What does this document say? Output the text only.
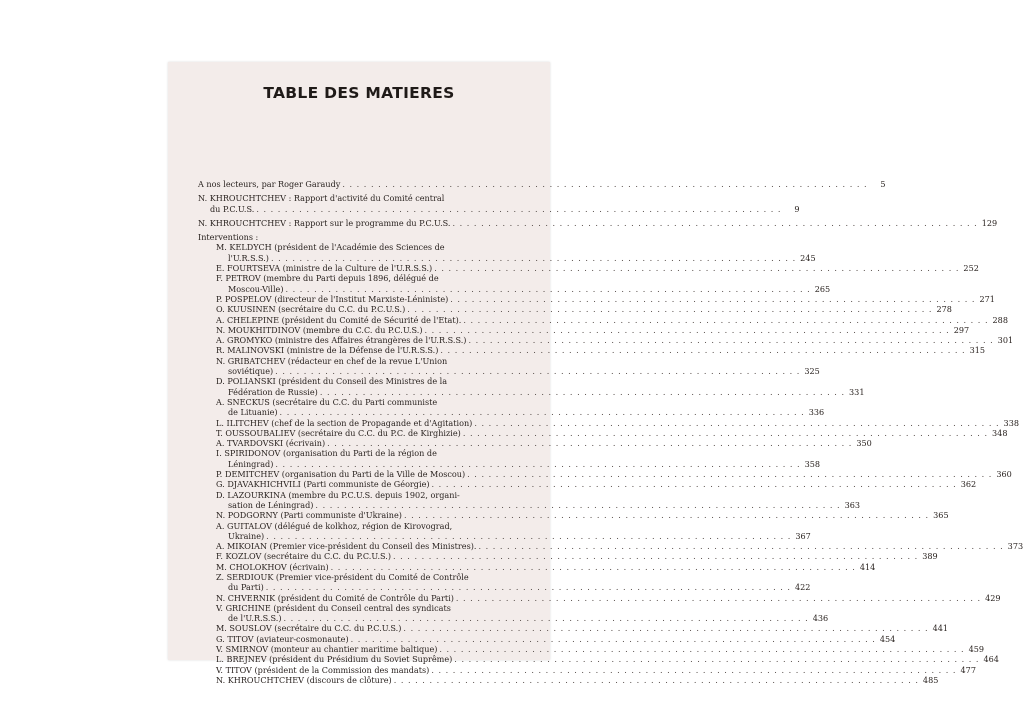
TABLE DES MATIERES
A nos lecteurs, par Roger Garaudy . . . . . . . . . . . . . . . . . . . . . . . . . . . . . . . . . . . . . . . . . . . . . . . . . . . . . . . . . . . . . . . . . . . . . . . . . .	5
N. KHROUCHTCHEV : Rapport d'activité du Comité central
du P.C.U.S. . . . . . . . . . . . . . . . . . . . . . . . . . . . . . . . . . . . . . . . . . . . . . . . . . . . . . . . . . . . . . . . . . . . . . . . . . .	9
N. KHROUCHTCHEV : Rapport sur le programme du P.C.U.S. . . . . . . . . . . . . . . . . . . . . . . . . . . . . . . . . . . . . . . . . . . . . . . . . . . . . . . . . . . . . . . . . . . . . . . . . . . 129
Interventions :
M. KELDYCH (président de l'Académie des Sciences de
l'U.R.S.S.) . . . . . . . . . . . . . . . . . . . . . . . . . . . . . . . . . . . . . . . . . . . . . . . . . . . . . . . . . . . . . . . . . . . . . . . . . . 245
E. FOURTSEVA (ministre de la Culture de l'U.R.S.S.) . . . . . . . . . . . . . . . . . . . . . . . . . . . . . . . . . . . . . . . . . . . . . . . . . . . . . . . . . . . . . . . . . . . . . . . . . . 252
F. PETROV (membre du Parti depuis 1896, délégué de
Moscou-Ville) . . . . . . . . . . . . . . . . . . . . . . . . . . . . . . . . . . . . . . . . . . . . . . . . . . . . . . . . . . . . . . . . . . . . . . . . . . 265
P. POSPELOV (directeur de l'Institut Marxiste-Léniniste) . . . . . . . . . . . . . . . . . . . . . . . . . . . . . . . . . . . . . . . . . . . . . . . . . . . . . . . . . . . . . . . . . . . . . . . . . . 271
O. KUUSINEN (secrétaire du C.C. du P.C.U.S.) . . . . . . . . . . . . . . . . . . . . . . . . . . . . . . . . . . . . . . . . . . . . . . . . . . . . . . . . . . . . . . . . . . . . . . . . . . 278
A. CHELEPINE (président du Comité de Sécurité de l'Etat). . . . . . . . . . . . . . . . . . . . . . . . . . . . . . . . . . . . . . . . . . . . . . . . . . . . . . . . . . . . . . . . . . . . . . . . . . . 288
N. MOUKHITDINOV (membre du C.C. du P.C.U.S.) . . . . . . . . . . . . . . . . . . . . . . . . . . . . . . . . . . . . . . . . . . . . . . . . . . . . . . . . . . . . . . . . . . . . . . . . . . 297
A. GROMYKO (ministre des Affaires étrangères de l'U.R.S.S.) . . . . . . . . . . . . . . . . . . . . . . . . . . . . . . . . . . . . . . . . . . . . . . . . . . . . . . . . . . . . . . . . . . . . . . . . . . 301
R. MALINOVSKI (ministre de la Défense de l'U.R.S.S.) . . . . . . . . . . . . . . . . . . . . . . . . . . . . . . . . . . . . . . . . . . . . . . . . . . . . . . . . . . . . . . . . . . . . . . . . . . 315
N. GRIBATCHEV (rédacteur en chef de la revue L'Union
soviétique) . . . . . . . . . . . . . . . . . . . . . . . . . . . . . . . . . . . . . . . . . . . . . . . . . . . . . . . . . . . . . . . . . . . . . . . . . . 325
D. POLIANSKI (président du Conseil des Ministres de la
Fédération de Russie) . . . . . . . . . . . . . . . . . . . . . . . . . . . . . . . . . . . . . . . . . . . . . . . . . . . . . . . . . . . . . . . . . . . . . . . . . . 331
A. SNECKUS (secrétaire du C.C. du Parti communiste
de Lituanie) . . . . . . . . . . . . . . . . . . . . . . . . . . . . . . . . . . . . . . . . . . . . . . . . . . . . . . . . . . . . . . . . . . . . . . . . . . 336
L. ILITCHEV (chef de la section de Propagande et d'Agitation) . . . . . . . . . . . . . . . . . . . . . . . . . . . . . . . . . . . . . . . . . . . . . . . . . . . . . . . . . . . . . . . . . . . . . . . . . . 338
T. OUSSOUBALIEV (secrétaire du C.C. du P.C. de Kirghizie) . . . . . . . . . . . . . . . . . . . . . . . . . . . . . . . . . . . . . . . . . . . . . . . . . . . . . . . . . . . . . . . . . . . . . . . . . . 348
A. TVARDOVSKI (écrivain) . . . . . . . . . . . . . . . . . . . . . . . . . . . . . . . . . . . . . . . . . . . . . . . . . . . . . . . . . . . . . . . . . . . . . . . . . . 350
I. SPIRIDONOV (organisation du Parti de la région de
Léningrad) . . . . . . . . . . . . . . . . . . . . . . . . . . . . . . . . . . . . . . . . . . . . . . . . . . . . . . . . . . . . . . . . . . . . . . . . . . 358
P. DEMITCHEV (organisation du Parti de la Ville de Moscou) . . . . . . . . . . . . . . . . . . . . . . . . . . . . . . . . . . . . . . . . . . . . . . . . . . . . . . . . . . . . . . . . . . . . . . . . . . 360
G. DJAVAKHICHVILI (Parti communiste de Géorgie) . . . . . . . . . . . . . . . . . . . . . . . . . . . . . . . . . . . . . . . . . . . . . . . . . . . . . . . . . . . . . . . . . . . . . . . . . . 362
D. LAZOURKINA (membre du P.C.U.S. depuis 1902, organi-
sation de Léningrad) . . . . . . . . . . . . . . . . . . . . . . . . . . . . . . . . . . . . . . . . . . . . . . . . . . . . . . . . . . . . . . . . . . . . . . . . . . 363
N. PODGORNY (Parti communiste d'Ukraine) . . . . . . . . . . . . . . . . . . . . . . . . . . . . . . . . . . . . . . . . . . . . . . . . . . . . . . . . . . . . . . . . . . . . . . . . . . 365
A. GUITALOV (délégué de kolkhoz, région de Kirovograd,
Ukraine) . . . . . . . . . . . . . . . . . . . . . . . . . . . . . . . . . . . . . . . . . . . . . . . . . . . . . . . . . . . . . . . . . . . . . . . . . . 367
A. MIKOIAN (Premier vice-président du Conseil des Ministres). . . . . . . . . . . . . . . . . . . . . . . . . . . . . . . . . . . . . . . . . . . . . . . . . . . . . . . . . . . . . . . . . . . . . . . . . . . 373
F. KOZLOV (secrétaire du C.C. du P.C.U.S.) . . . . . . . . . . . . . . . . . . . . . . . . . . . . . . . . . . . . . . . . . . . . . . . . . . . . . . . . . . . . . . . . . . . . . . . . . . 389
M. CHOLOKHOV (écrivain) . . . . . . . . . . . . . . . . . . . . . . . . . . . . . . . . . . . . . . . . . . . . . . . . . . . . . . . . . . . . . . . . . . . . . . . . . . 414
Z. SERDIOUK (Premier vice-président du Comité de Contrôle
du Parti) . . . . . . . . . . . . . . . . . . . . . . . . . . . . . . . . . . . . . . . . . . . . . . . . . . . . . . . . . . . . . . . . . . . . . . . . . . 422
N. CHVERNIK (président du Comité de Contrôle du Parti) . . . . . . . . . . . . . . . . . . . . . . . . . . . . . . . . . . . . . . . . . . . . . . . . . . . . . . . . . . . . . . . . . . . . . . . . . . 429
V. GRICHINE (président du Conseil central des syndicats
de l'U.R.S.S.) . . . . . . . . . . . . . . . . . . . . . . . . . . . . . . . . . . . . . . . . . . . . . . . . . . . . . . . . . . . . . . . . . . . . . . . . . . 436
M. SOUSLOV (secrétaire du C.C. du P.C.U.S.) . . . . . . . . . . . . . . . . . . . . . . . . . . . . . . . . . . . . . . . . . . . . . . . . . . . . . . . . . . . . . . . . . . . . . . . . . . 441
G. TITOV (aviateur-cosmonaute) . . . . . . . . . . . . . . . . . . . . . . . . . . . . . . . . . . . . . . . . . . . . . . . . . . . . . . . . . . . . . . . . . . . . . . . . . . 454
V. SMIRNOV (monteur au chantier maritime baltique) . . . . . . . . . . . . . . . . . . . . . . . . . . . . . . . . . . . . . . . . . . . . . . . . . . . . . . . . . . . . . . . . . . . . . . . . . . 459
L. BREJNEV (président du Présidium du Soviet Suprême) . . . . . . . . . . . . . . . . . . . . . . . . . . . . . . . . . . . . . . . . . . . . . . . . . . . . . . . . . . . . . . . . . . . . . . . . . . 464
V. TITOV (président de la Commission des mandats) . . . . . . . . . . . . . . . . . . . . . . . . . . . . . . . . . . . . . . . . . . . . . . . . . . . . . . . . . . . . . . . . . . . . . . . . . . 477
N. KHROUCHTCHEV (discours de clôture) . . . . . . . . . . . . . . . . . . . . . . . . . . . . . . . . . . . . . . . . . . . . . . . . . . . . . . . . . . . . . . . . . . . . . . . . . . 485
